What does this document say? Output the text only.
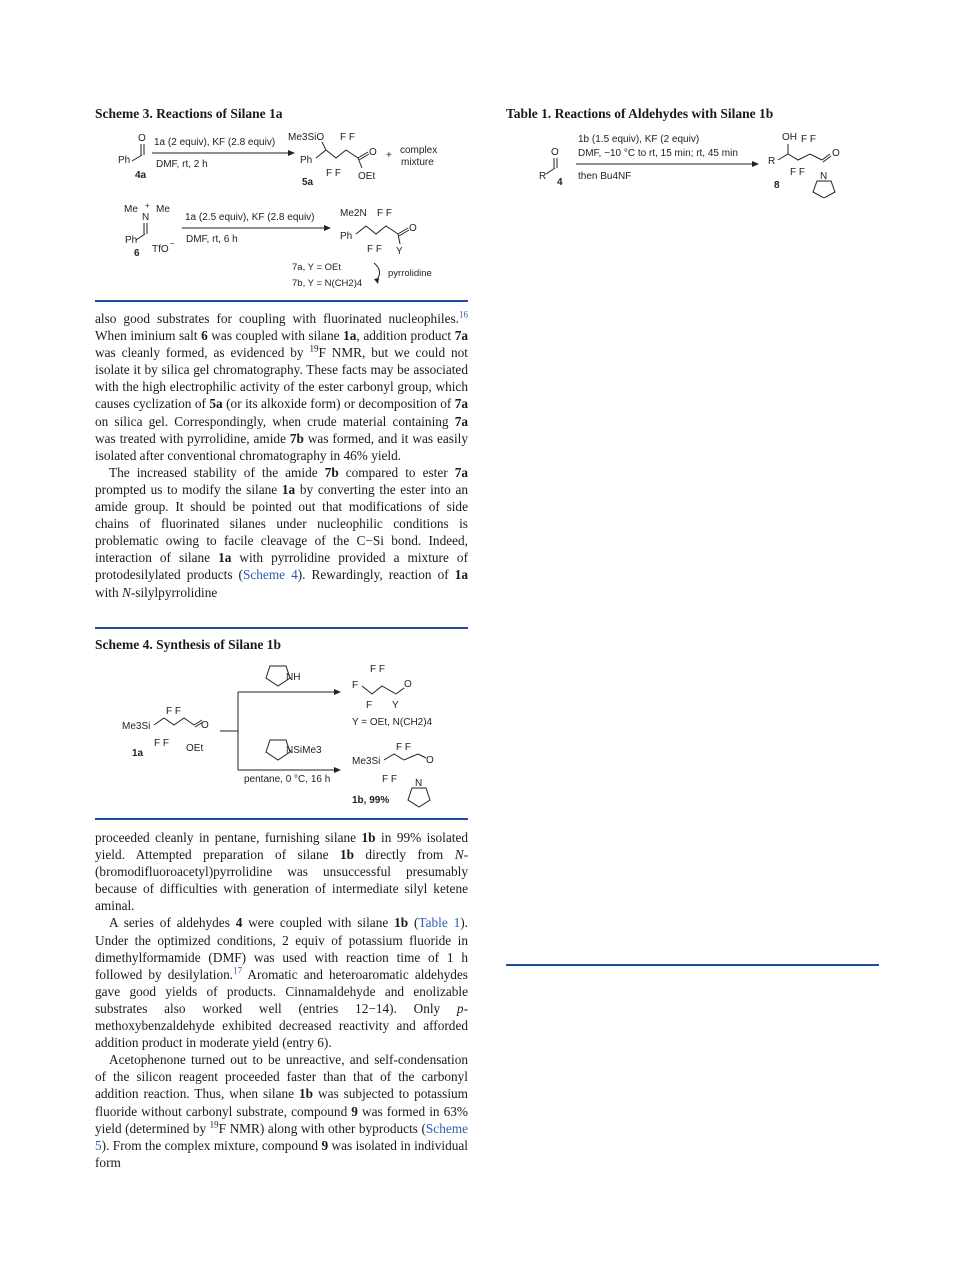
Scheme 3. Reactions of Silane 1a
O
Ph
4a
1a (2 equiv), KF (2.8 equiv)
DMF, rt, 2 h
Me3SiO F F
Ph
O
F F OEt
5a
+ complex
mixture
Me +
N
Me
Ph
TfO
−
6
1a (2.5 equiv), KF (2.8 equiv)
DMF, rt, 6 h
Me2N F F
Ph
O
F F Y
7a, Y = OEt
7b, Y = N(CH2)4
pyrrolidine

also good substrates for coupling with fluorinated nucleophiles.$^{16}$ When iminium salt 6 was coupled with silane 1a, addition product 7a was cleanly formed, as evidenced by $^{19}$F NMR, but we could not isolate it by silica gel chromatography. These facts may be associated with the high electrophilic activity of the ester carbonyl group, which causes cyclization of 5a (or its alkoxide form) or decomposition of 7a on silica gel. Correspondingly, when crude material containing 7a was treated with pyrrolidine, amide 7b was formed, and it was easily isolated after conventional chromatography in 46% yield.

The increased stability of the amide 7b compared to ester 7a prompted us to modify the silane 1a by converting the ester into an amide group. It should be pointed out that modifications of side chains of fluorinated silanes under nucleophilic conditions is problematic owing to facile cleavage of the C−Si bond. Indeed, interaction of silane 1a with pyrrolidine provided a mixture of protodesilylated products (Scheme 4). Rewardingly, reaction of 1a with N-silylpyrrolidine

Scheme 4. Synthesis of Silane 1b
F F
Me3Si	O
F F OEt
1a
NH
F F
F	O
F Y
Y = OEt, N(CH2)4
NSiMe3
pentane, 0 °C, 16 h
F F
Me3Si	O
F F N
1b, 99%

proceeded cleanly in pentane, furnishing silane 1b in 99% isolated yield. Attempted preparation of silane 1b directly from N-(bromodifluoroacetyl)pyrrolidine was unsuccessful presumably because of difficulties with generation of intermediate silyl ketene aminal.

A series of aldehydes 4 were coupled with silane 1b (Table 1). Under the optimized conditions, 2 equiv of potassium fluoride in dimethylformamide (DMF) was used with reaction time of 1 h followed by desilylation.$^{17}$ Aromatic and heteroaromatic aldehydes gave good yields of products. Cinnamaldehyde and enolizable substrates also worked well (entries 12−14). Only p-methoxybenzaldehyde exhibited decreased reactivity and afforded addition product in moderate yield (entry 6).

Acetophenone turned out to be unreactive, and self-condensation of the silicon reagent proceeded faster than that of the carbonyl addition reaction. Thus, when silane 1b was subjected to potassium fluoride without carbonyl substrate, compound 9 was formed in 63% yield (determined by $^{19}$F NMR) along with other byproducts (Scheme 5). From the complex mixture, compound 9 was isolated in individual form

Table 1. Reactions of Aldehydes with Silane 1b
O
R
4
1b (1.5 equiv), KF (2 equiv)
DMF, −10 °C to rt, 15 min; rt, 45 min
then Bu4NF
OH F F
R
O
F F N
8
